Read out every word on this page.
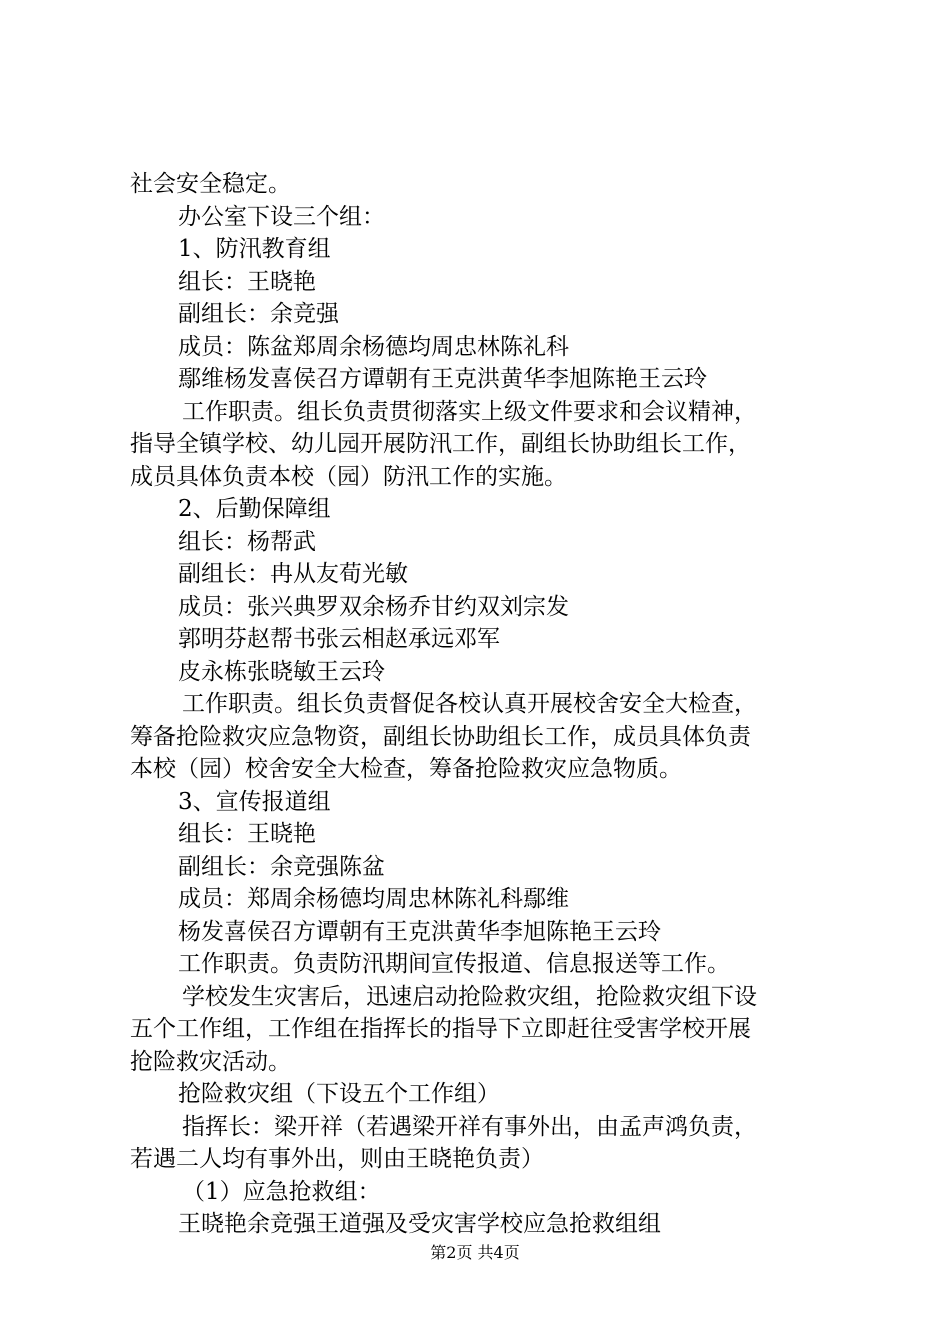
社会安全稳定。
办公室下设三个组：
1、防汛教育组
组长：王晓艳
副组长：余竞强
成员：陈盆郑周余杨德均周忠林陈礼科
鄢维杨发喜侯召方谭朝有王克洪黄华李旭陈艳王云玲
工作职责。组长负责贯彻落实上级文件要求和会议精神，
指导全镇学校、幼儿园开展防汛工作，副组长协助组长工作，
成员具体负责本校（园）防汛工作的实施。
2、后勤保障组
组长：杨帮武
副组长：冉从友荀光敏
成员：张兴典罗双余杨乔甘约双刘宗发
郭明芬赵帮书张云相赵承远邓军
皮永栋张晓敏王云玲
工作职责。组长负责督促各校认真开展校舍安全大检查，
筹备抢险救灾应急物资，副组长协助组长工作，成员具体负责
本校（园）校舍安全大检查，筹备抢险救灾应急物质。
3、宣传报道组
组长：王晓艳
副组长：余竞强陈盆
成员：郑周余杨德均周忠林陈礼科鄢维
杨发喜侯召方谭朝有王克洪黄华李旭陈艳王云玲
工作职责。负责防汛期间宣传报道、信息报送等工作。
学校发生灾害后，迅速启动抢险救灾组，抢险救灾组下设
五个工作组，工作组在指挥长的指导下立即赶往受害学校开展
抢险救灾活动。
抢险救灾组（下设五个工作组）
指挥长：梁开祥（若遇梁开祥有事外出，由孟声鸿负责，
若遇二人均有事外出，则由王晓艳负责）
（1）应急抢救组：
王晓艳余竞强王道强及受灾害学校应急抢救组组
第2页 共4页
